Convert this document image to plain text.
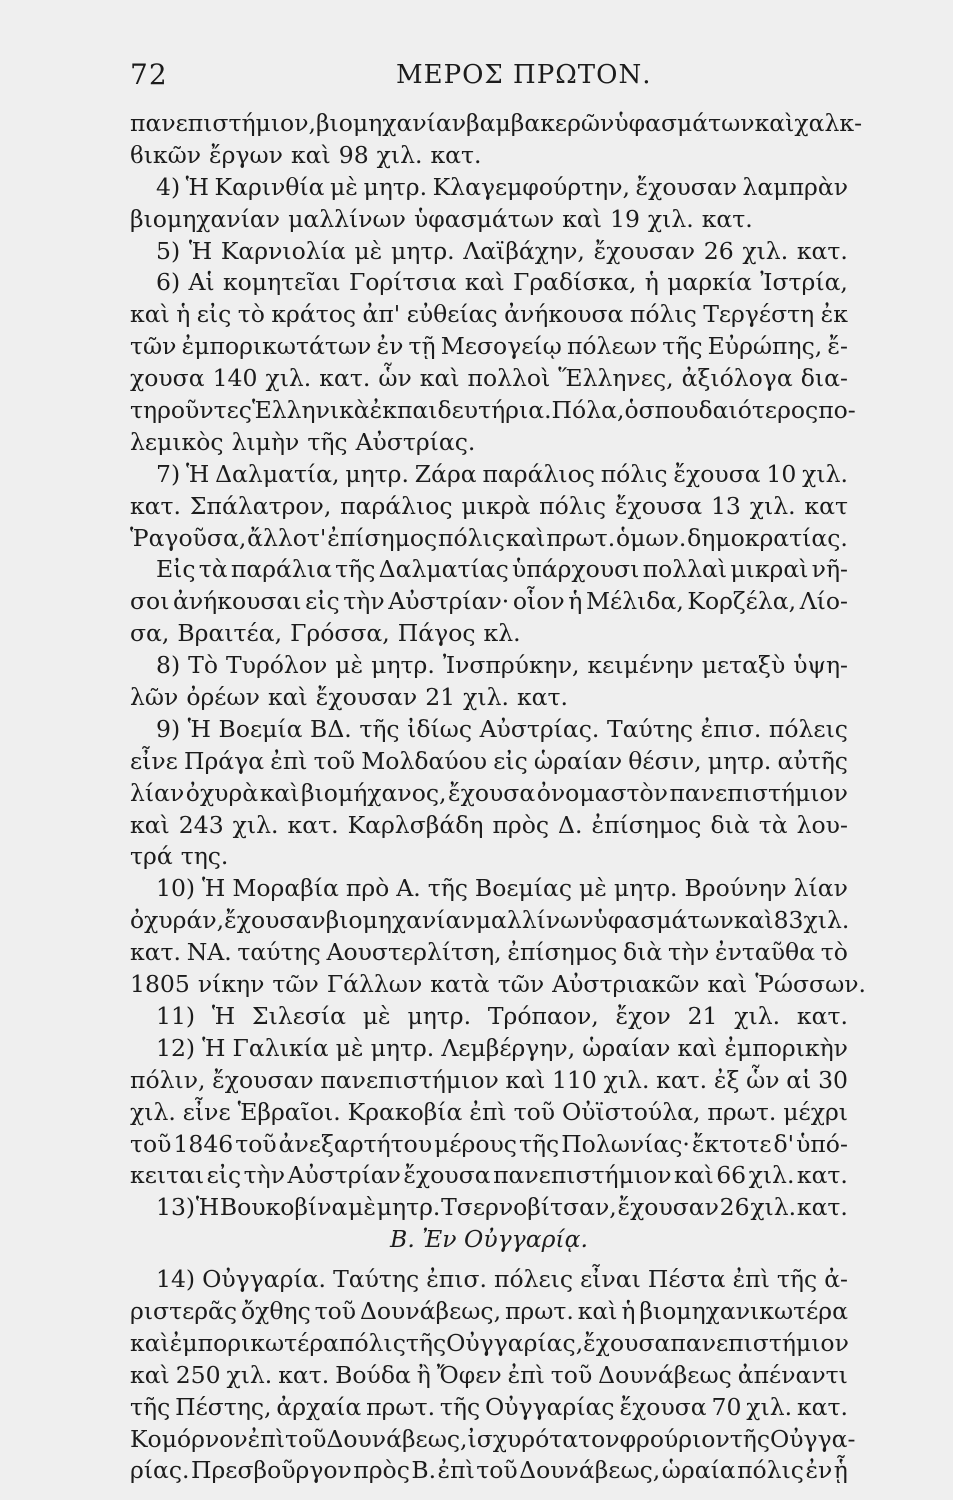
72	ΜΕΡΟΣ ΠΡΩΤΟΝ.
πανεπιστήμιον, βιομηχανίαν βαμβακερῶν ὑφασμάτων καὶ χαλκ-
ϐικῶν ἔργων καὶ 98 χιλ. κατ.
4) Ἡ Καρινθία μὲ μητρ. Κλαγεμφούρτην, ἔχουσαν λαμπρὰν
βιομηχανίαν μαλλίνων ὑφασμάτων καὶ 19 χιλ. κατ.
5) Ἡ Καρνιολία μὲ μητρ. Λαϊβάχην, ἔχουσαν 26 χιλ. κατ.
6) Αἱ κομητεῖαι Γορίτσια καὶ Γραδίσκα, ἡ μαρκία Ἰστρία,
καὶ ἡ εἰς τὸ κράτος ἀπ' εὐθείας ἀνήκουσα πόλις Τεργέστη ἐκ
τῶν ἐμπορικωτάτων ἐν τῇ Μεσογείῳ πόλεων τῆς Εὐρώπης, ἔ-
χουσα 140 χιλ. κατ. ὧν καὶ πολλοὶ Ἕλληνες, ἀξιόλογα δια-
τηροῦντες Ἑλληνικὰ ἐκπαιδευτήρια. Πόλα, ὁ σπουδαιότερος πο-
λεμικὸς λιμὴν τῆς Αὐστρίας.
7) Ἡ Δαλματία, μητρ. Ζάρα παράλιος πόλις ἔχουσα 10 χιλ.
κατ. Σπάλατρον, παράλιος μικρὰ πόλις ἔχουσα 13 χιλ. κατ
Ῥαγοῦσα, ἄλλοτ' ἐπίσημος πόλις καὶ πρωτ. ὁμων. δημοκρατίας.
Εἰς τὰ παράλια τῆς Δαλματίας ὑπάρχουσι πολλαὶ μικραὶ νῆ-
σοι ἀνήκουσαι εἰς τὴν Αὐστρίαν· οἷον ἡ Μέλιδα, Κορζέλα, Λίο-
σα, Βραιτέα, Γρόσσα, Πάγος κλ.
8) Τὸ Τυρόλον μὲ μητρ. Ἰνσπρύκην, κειμένην μεταξὺ ὑψη-
λῶν ὀρέων καὶ ἔχουσαν 21 χιλ. κατ.
9) Ἡ Βοεμία ΒΔ. τῆς ἰδίως Αὐστρίας. Ταύτης ἐπισ. πόλεις
εἶνε Πράγα ἐπὶ τοῦ Μολδαύου εἰς ὡραίαν θέσιν, μητρ. αὐτῆς
λίαν ὀχυρὰ καὶ βιομήχανος, ἔχουσα ὀνομαστὸν πανεπιστήμιον
καὶ 243 χιλ. κατ. Καρλσβάδη πρὸς Δ. ἐπίσημος διὰ τὰ λου-
τρά της.
10) Ἡ Μοραβία πρὸ Α. τῆς Βοεμίας μὲ μητρ. Βρούνην λίαν
ὀχυράν, ἔχουσαν βιομηχανίαν μαλλίνων ὑφασμάτων καὶ 83 χιλ.
κατ. ΝΑ. ταύτης Αουστερλίτση, ἐπίσημος διὰ τὴν ἐνταῦθα τὸ
1805 νίκην τῶν Γάλλων κατὰ τῶν Αὐστριακῶν καὶ Ῥώσσων.
11) Ἡ Σιλεσία μὲ μητρ. Τρόπαον, ἔχον 21 χιλ. κατ.
12) Ἡ Γαλικία μὲ μητρ. Λεμβέργην, ὡραίαν καὶ ἐμπορικὴν
πόλιν, ἔχουσαν πανεπιστήμιον καὶ 110 χιλ. κατ. ἐξ ὧν αἱ 30
χιλ. εἶνε Ἑβραῖοι. Κρακοβία ἐπὶ τοῦ Οὐϊστούλα, πρωτ. μέχρι
τοῦ 1846 τοῦ ἀνεξαρτήτου μέρους τῆς Πολωνίας· ἔκτοτε δ' ὑπό-
κειται εἰς τὴν Αὐστρίαν ἔχουσα πανεπιστήμιον καὶ 66 χιλ. κατ.
13) Ἡ Βουκοβίνα μὲ μητρ. Τσερνοβίτσαν, ἔχουσαν 26 χιλ. κατ.
Β. Ἐν Οὐγγαρίᾳ.
14) Οὐγγαρία. Ταύτης ἐπισ. πόλεις εἶναι Πέστα ἐπὶ τῆς ἀ-
ριστερᾶς ὄχθης τοῦ Δουνάβεως, πρωτ. καὶ ἡ βιομηχανικωτέρα
καὶ ἐμπορικωτέρα πόλις τῆς Οὐγγαρίας, ἔχουσα πανεπιστήμιον
καὶ 250 χιλ. κατ. Βούδα ἢ Ὄφεν ἐπὶ τοῦ Δουνάβεως ἀπέναντι
τῆς Πέστης, ἀρχαία πρωτ. τῆς Οὐγγαρίας ἔχουσα 70 χιλ. κατ.
Κομόρνον ἐπὶ τοῦ Δουνάβεως, ἰσχυρότατον φρούριον τῆς Οὐγγα-
ρίας. Πρεσβοῦργον πρὸς Β. ἐπὶ τοῦ Δουνάβεως, ὡραία πόλις ἐν ᾗ
